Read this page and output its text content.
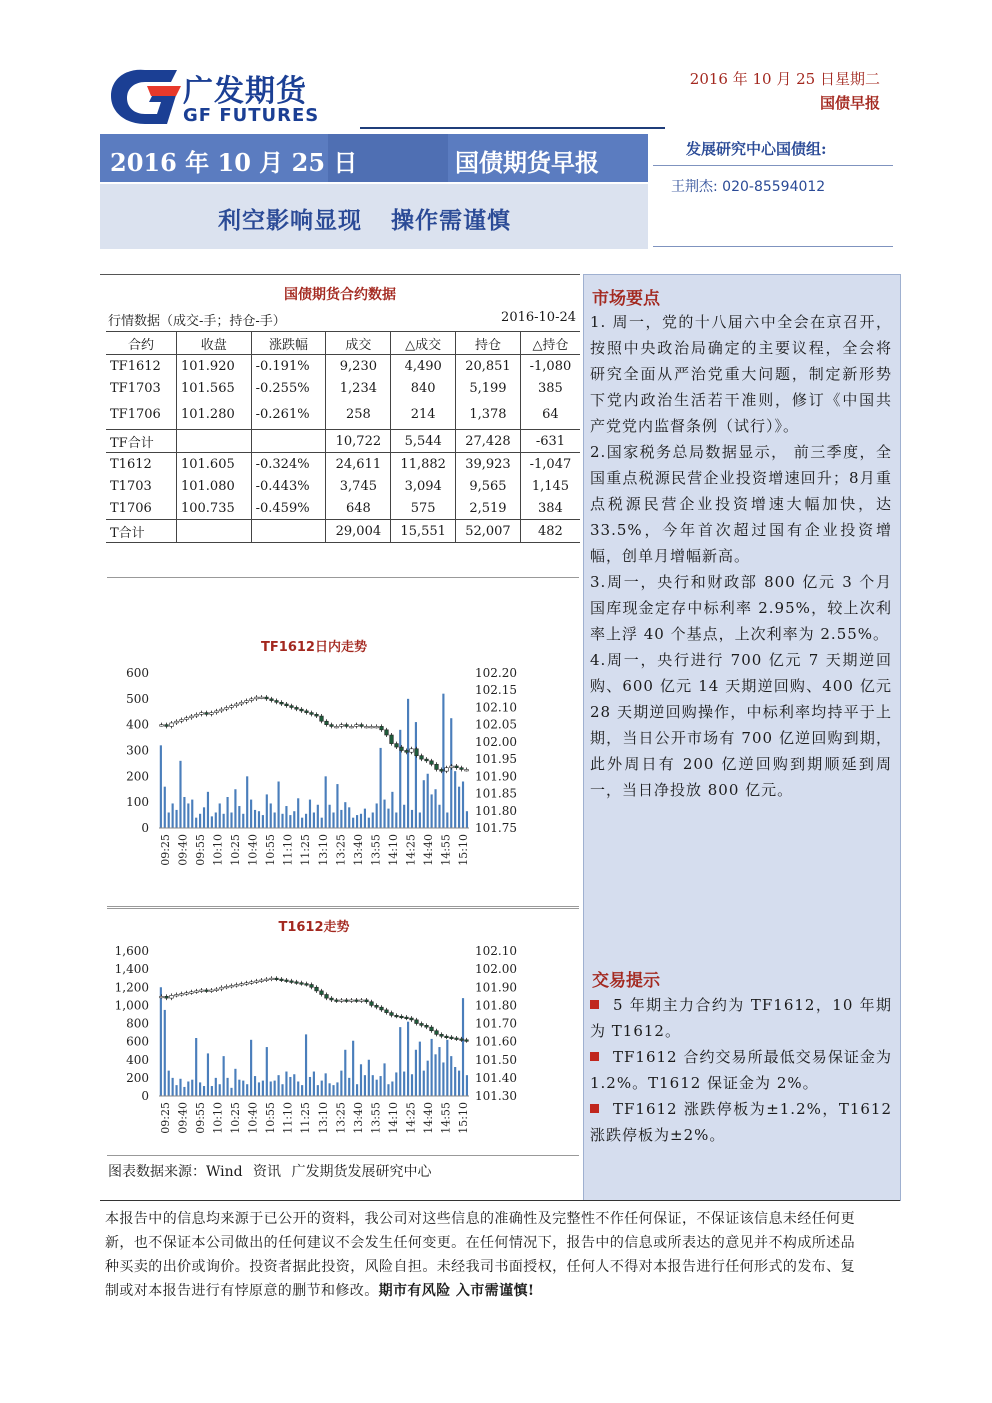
广发期货
GF FUTURES
2016 年 10 月 25 日星期二
国债早报
2016 年 10 月 25 日	国债期货早报
利空影响显现 操作需谨慎
发展研究中心国债组:
王荆杰: 020-85594012
国债期货合约数据
行情数据（成交-手；持仓-手）	2016-10-24
合约	收盘	涨跌幅	成交	△成交	持仓	△持仓
TF1612	101.920	-0.191%	9,230	4,490	20,851	-1,080
TF1703	101.565	-0.255%	1,234	840	5,199	385
TF1706	101.280	-0.261%	258	214	1,378	64
TF合计			10,722	5,544	27,428	-631
T1612	101.605	-0.324%	24,611	11,882	39,923	-1,047
T1703	101.080	-0.443%	3,745	3,094	9,565	1,145
T1706	100.735	-0.459%	648	575	2,519	384
T合计			29,004	15,551	52,007	482
TF1612日内走势
600
500
400
300
200
100
0
102.20
102.15
102.10
102.05
102.00
101.95
101.90
101.85
101.80
101.75
09:25 09:40 09:55 10:10 10:25 10:40 10:55 11:10 11:25 13:10 13:25 13:40 13:55 14:10 14:25 14:40 14:55 15:10
T1612走势
1,600
1,400
1,200
1,000
800
600
400
200
0
102.10
102.00
101.90
101.80
101.70
101.60
101.50
101.40
101.30
09:25 09:40 09:55 10:10 10:25 10:40 10:55 11:10 11:25 13:10 13:25 13:40 13:55 14:10 14:25 14:40 14:55 15:10
图表数据来源：Wind 资讯 广发期货发展研究中心
市场要点

1. 周一，党的十八届六中全会在京召开，按照中央政治局确定的主要议程，全会将研究全面从严治党重大问题，制定新形势下党内政治生活若干准则，修订《中国共产党党内监督条例（试行）》。

2.国家税务总局数据显示， 前三季度，全国重点税源民营企业投资增速回升；8月重点税源民营企业投资增速大幅加快，达 33.5%，今年首次超过国有企业投资增幅，创单月增幅新高。

3.周一，央行和财政部 800 亿元 3 个月国库现金定存中标利率 2.95%，较上次利率上浮 40 个基点，上次利率为 2.55%。

4.周一，央行进行 700 亿元 7 天期逆回购、600 亿元 14 天期逆回购、400 亿元 28 天期逆回购操作，中标利率均持平于上期，当日公开市场有 700 亿逆回购到期，此外周日有 200 亿逆回购到期顺延到周一，当日净投放 800 亿元。

交易提示

5 年期主力合约为 TF1612，10 年期为 T1612。

TF1612 合约交易所最低交易保证金为 1.2%。T1612 保证金为 2%。

TF1612 涨跌停板为±1.2%，T1612 涨跌停板为±2%。

本报告中的信息均来源于已公开的资料，我公司对这些信息的准确性及完整性不作任何保证，不保证该信息未经任何更新，也不保证本公司做出的任何建议不会发生任何变更。在任何情况下，报告中的信息或所表达的意见并不构成所述品种买卖的出价或询价。投资者据此投资，风险自担。未经我司书面授权，任何人不得对本报告进行任何形式的发布、复制或对本报告进行有悖原意的删节和修改。期市有风险 入市需谨慎!
